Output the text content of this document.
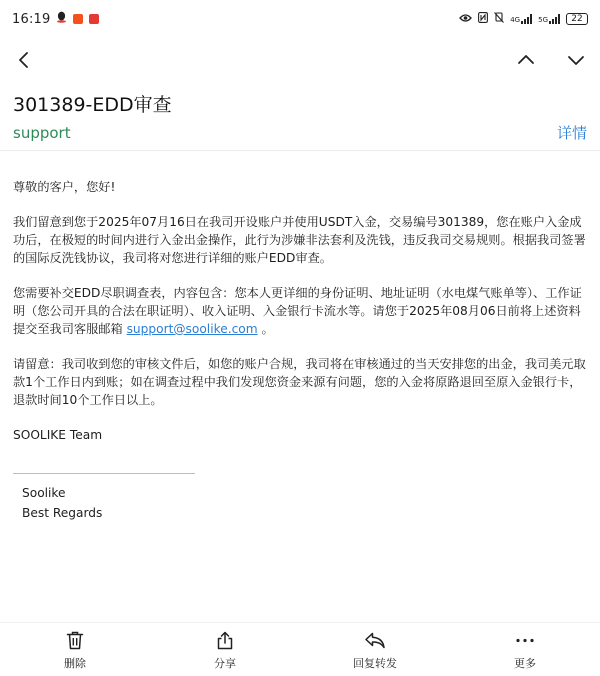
16:19	4G	5G	22
301389-EDD审查
support	详情

尊敬的客户，您好!

我们留意到您于2025年07月16日在我司开设账户并使用USDT入金，交易编号301389，您在账户入金成功后，在极短的时间内进行入金出金操作，此行为涉嫌非法套利及洗钱，违反我司交易规则。根据我司签署的国际反洗钱协议，我司将对您进行详细的账户EDD审查。

您需要补交EDD尽职调查表，内容包含：您本人更详细的身份证明、地址证明（水电煤气账单等）、工作证明（您公司开具的合法在职证明）、收入证明、入金银行卡流水等。请您于2025年08月06日前将上述资料提交至我司客服邮箱 support@soolike.com 。

请留意：我司收到您的审核文件后，如您的账户合规，我司将在审核通过的当天安排您的出金，我司美元取款1个工作日内到账；如在调查过程中我们发现您资金来源有问题，您的入金将原路退回至原入金银行卡，退款时间10个工作日以上。

SOOLIKE Team

Soolike
Best Regards
删除	分享	回复转发	更多
